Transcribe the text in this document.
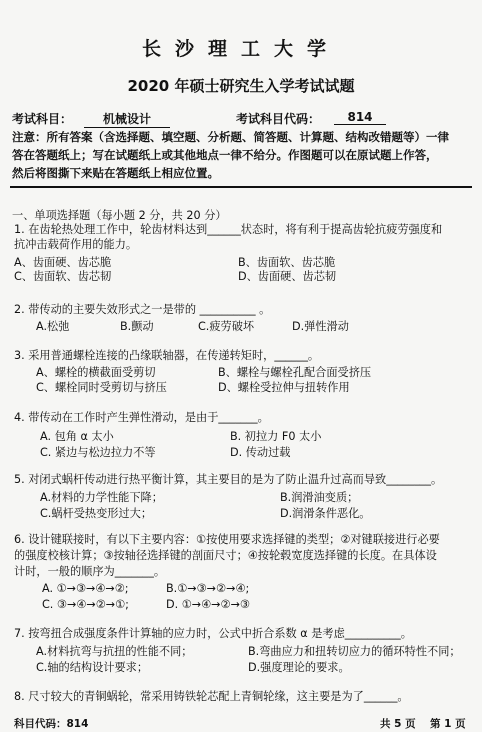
长沙理工大学
2020 年硕士研究生入学考试试题
考试科目：	机械设计	考试科目代码：	814
注意：所有答案（含选择题、填空题、分析题、简答题、计算题、结构改错题等）一律
答在答题纸上；写在试题纸上或其他地点一律不给分。作图题可以在原试题上作答，
然后将图撕下来贴在答题纸上相应位置。
一、单项选择题（每小题 2 分，共 20 分）
1. 在齿轮热处理工作中，轮齿材料达到______状态时，将有利于提高齿轮抗疲劳强度和
抗冲击载荷作用的能力。
A、齿面硬、齿芯脆	B、齿面软、齿芯脆
C、齿面软、齿芯韧	D、齿面硬、齿芯韧
2. 带传动的主要失效形式之一是带的 __________ 。
A.松弛	B.颤动	C.疲劳破坏	D.弹性滑动
3. 采用普通螺栓连接的凸缘联轴器，在传递转矩时，______。
A、螺栓的横截面受剪切	B、螺栓与螺栓孔配合面受挤压
C、螺栓同时受剪切与挤压	D、螺栓受拉伸与扭转作用
4. 带传动在工作时产生弹性滑动，是由于_______。
A. 包角 α 太小	B. 初拉力 F0 太小
C. 紧边与松边拉力不等	D. 传动过载
5. 对闭式蜗杆传动进行热平衡计算，其主要目的是为了防止温升过高而导致________。
A.材料的力学性能下降；	B.润滑油变质；
C.蜗杆受热变形过大；	D.润滑条件恶化。
6. 设计键联接时，有以下主要内容：①按使用要求选择键的类型；②对键联接进行必要
的强度校核计算；③按轴径选择键的剖面尺寸；④按轮毂宽度选择键的长度。在具体设
计时，一般的顺序为_______。
A. ①→③→④→②;	B.①→③→②→④;
C. ③→④→②→①;	D. ①→④→②→③
7. 按弯扭合成强度条件计算轴的应力时，公式中折合系数 α 是考虑__________。
A.材料抗弯与抗扭的性能不同；	B.弯曲应力和扭转切应力的循环特性不同；
C.轴的结构设计要求；	D.强度理论的要求。
8. 尺寸较大的青铜蜗轮，常采用铸铁轮芯配上青铜轮缘，这主要是为了______。
科目代码：814	共 5 页 第 1 页
